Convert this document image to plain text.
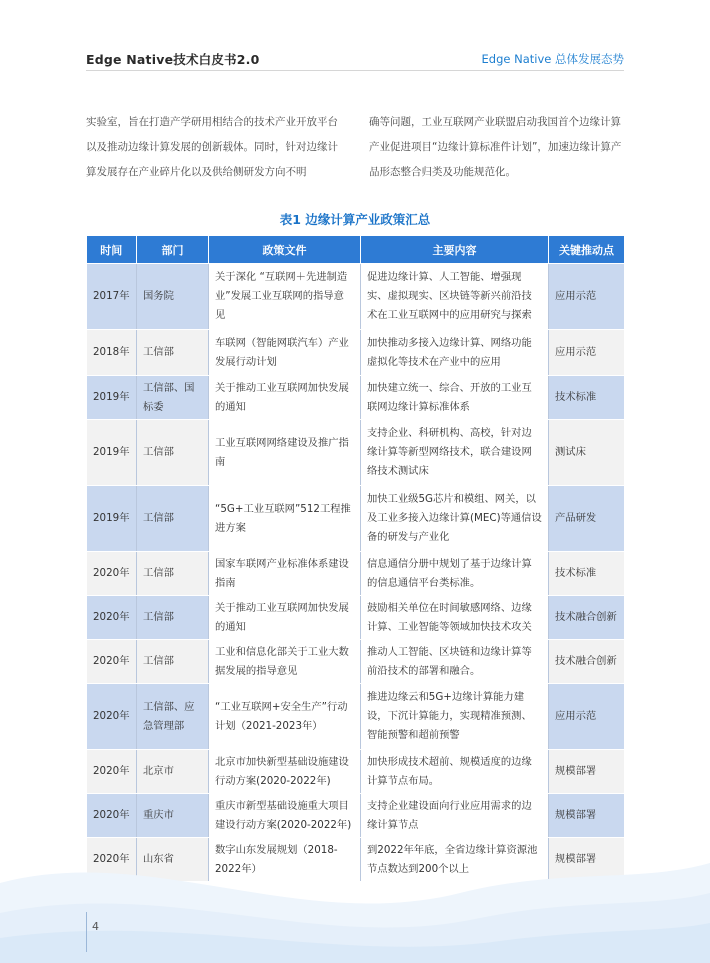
Edge Native技术白皮书2.0	Edge Native 总体发展态势
实验室，旨在打造产学研用相结合的技术产业开放平台以及推动边缘计算发展的创新载体。同时，针对边缘计算发展存在产业碎片化以及供给侧研发方向不明
确等问题，工业互联网产业联盟启动我国首个边缘计算产业促进项目“边缘计算标准件计划”，加速边缘计算产品形态整合归类及功能规范化。
表1 边缘计算产业政策汇总
时间	部门	政策文件	主要内容	关键推动点
2017年	国务院	关于深化 “互联网＋先进制造业”发展工业互联网的指导意见	促进边缘计算、人工智能、增强现实、虚拟现实、区块链等新兴前沿技术在工业互联网中的应用研究与探索	应用示范
2018年	工信部	车联网（智能网联汽车）产业发展行动计划	加快推动多接入边缘计算、网络功能虚拟化等技术在产业中的应用	应用示范
2019年	工信部、国标委	关于推动工业互联网加快发展的通知	加快建立统一、综合、开放的工业互联网边缘计算标准体系	技术标准
2019年	工信部	工业互联网网络建设及推广指南	支持企业、科研机构、高校，针对边缘计算等新型网络技术，联合建设网络技术测试床	测试床
2019年	工信部	“5G+工业互联网”512工程推进方案	加快工业级5G芯片和模组、网关，以及工业多接入边缘计算(MEC)等通信设备的研发与产业化	产品研发
2020年	工信部	国家车联网产业标准体系建设指南	信息通信分册中规划了基于边缘计算的信息通信平台类标准。	技术标准
2020年	工信部	关于推动工业互联网加快发展的通知	鼓励相关单位在时间敏感网络、边缘计算、工业智能等领域加快技术攻关	技术融合创新
2020年	工信部	工业和信息化部关于工业大数据发展的指导意见	推动人工智能、区块链和边缘计算等前沿技术的部署和融合。	技术融合创新
2020年	工信部、应急管理部	“工业互联网+安全生产”行动计划（2021-2023年）	推进边缘云和5G+边缘计算能力建设，下沉计算能力，实现精准预测、智能预警和超前预警	应用示范
2020年	北京市	北京市加快新型基础设施建设行动方案(2020-2022年)	加快形成技术超前、规模适度的边缘计算节点布局。	规模部署
2020年	重庆市	重庆市新型基础设施重大项目建设行动方案(2020-2022年)	支持企业建设面向行业应用需求的边缘计算节点	规模部署
2020年	山东省	数字山东发展规划（2018-2022年）	到2022年年底，全省边缘计算资源池节点数达到200个以上	规模部署
4
